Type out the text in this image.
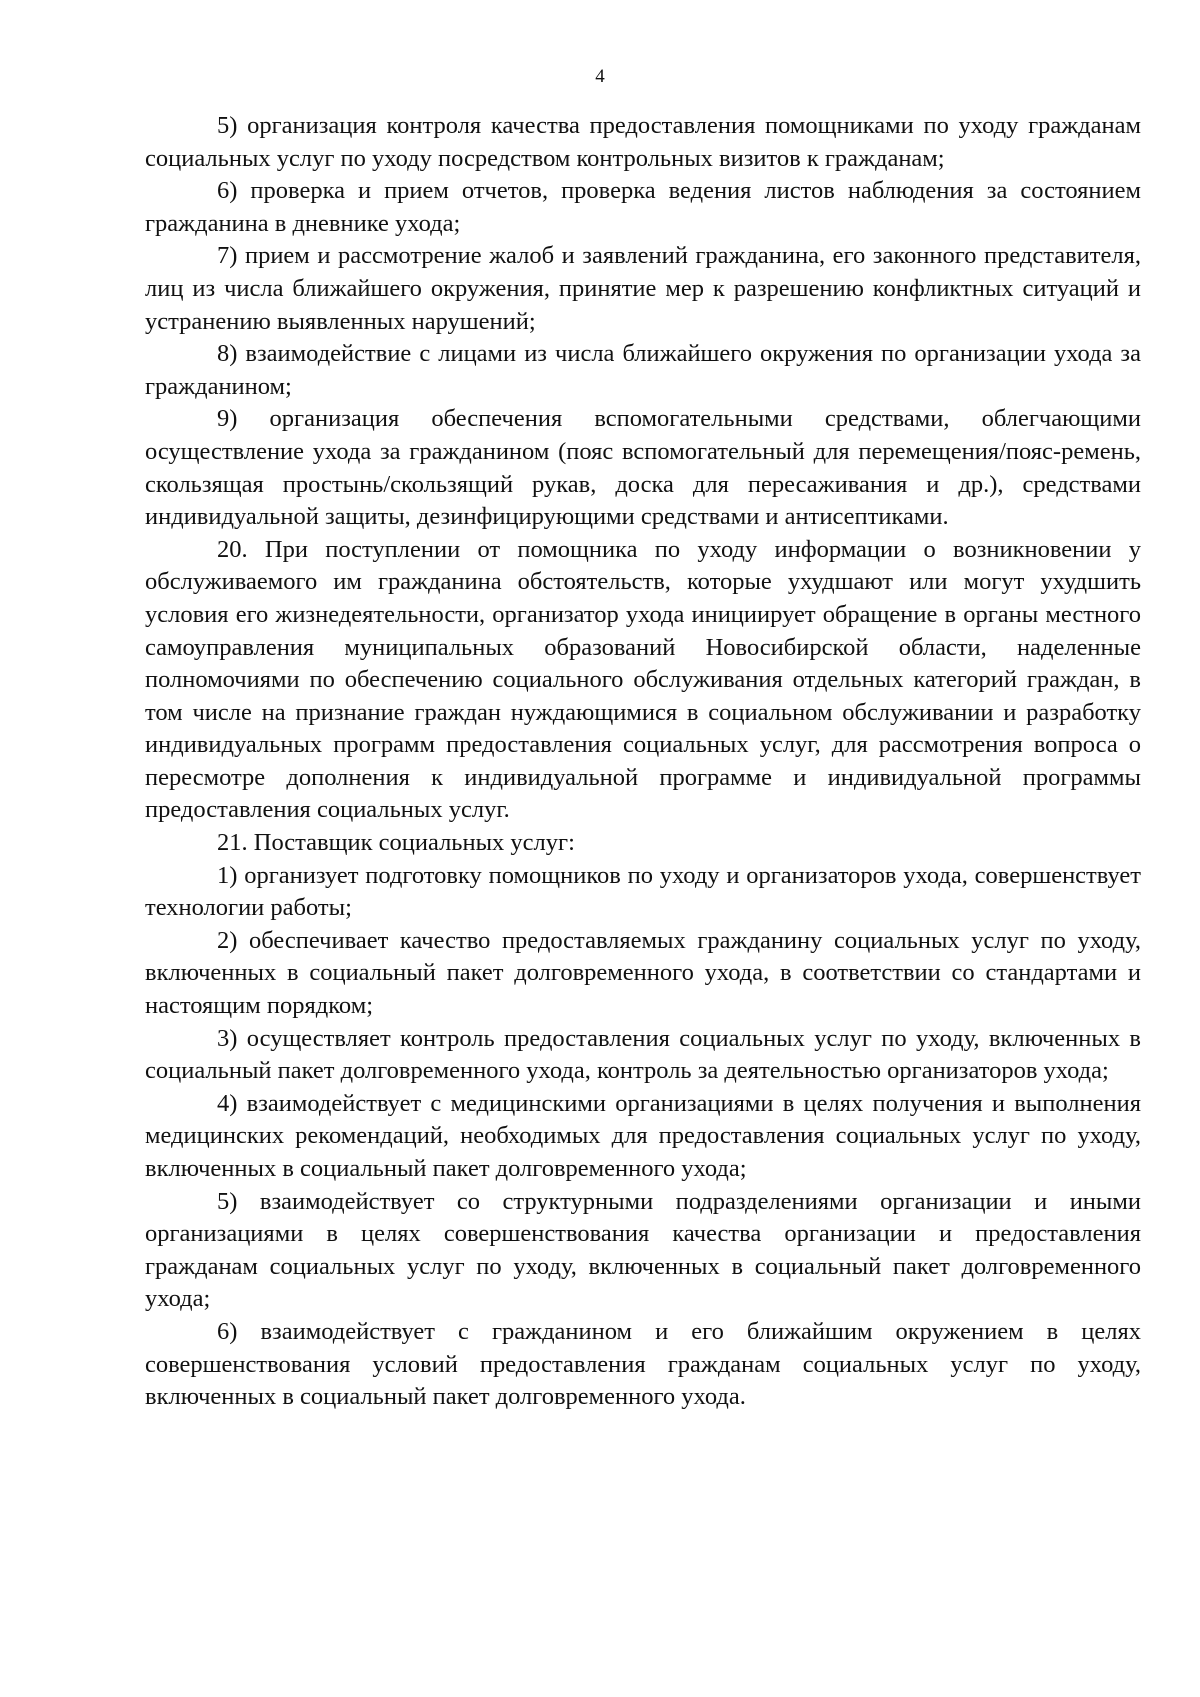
4

5) организация контроля качества предоставления помощниками по уходу гражданам социальных услуг по уходу посредством контрольных визитов к гражданам;

6) проверка и прием отчетов, проверка ведения листов наблюдения за состоянием гражданина в дневнике ухода;

7) прием и рассмотрение жалоб и заявлений гражданина, его законного представителя, лиц из числа ближайшего окружения, принятие мер к разрешению конфликтных ситуаций и устранению выявленных нарушений;

8) взаимодействие с лицами из числа ближайшего окружения по организации ухода за гражданином;

9) организация обеспечения вспомогательными средствами, облегчающими осуществление ухода за гражданином (пояс вспомогательный для перемещения/пояс-ремень, скользящая простынь/скользящий рукав, доска для пересаживания и др.), средствами индивидуальной защиты, дезинфицирующими средствами и антисептиками.

20. При поступлении от помощника по уходу информации о возникновении у обслуживаемого им гражданина обстоятельств, которые ухудшают или могут ухудшить условия его жизнедеятельности, организатор ухода инициирует обращение в органы местного самоуправления муниципальных образований Новосибирской области, наделенные полномочиями по обеспечению социального обслуживания отдельных категорий граждан, в том числе на признание граждан нуждающимися в социальном обслуживании и разработку индивидуальных программ предоставления социальных услуг, для рассмотрения вопроса о пересмотре дополнения к индивидуальной программе и индивидуальной программы предоставления социальных услуг.

21. Поставщик социальных услуг:

1) организует подготовку помощников по уходу и организаторов ухода, совершенствует технологии работы;

2) обеспечивает качество предоставляемых гражданину социальных услуг по уходу, включенных в социальный пакет долговременного ухода, в соответствии со стандартами и настоящим порядком;

3) осуществляет контроль предоставления социальных услуг по уходу, включенных в социальный пакет долговременного ухода, контроль за деятельностью организаторов ухода;

4) взаимодействует с медицинскими организациями в целях получения и выполнения медицинских рекомендаций, необходимых для предоставления социальных услуг по уходу, включенных в социальный пакет долговременного ухода;

5) взаимодействует со структурными подразделениями организации и иными организациями в целях совершенствования качества организации и предоставления гражданам социальных услуг по уходу, включенных в социальный пакет долговременного ухода;

6) взаимодействует с гражданином и его ближайшим окружением в целях совершенствования условий предоставления гражданам социальных услуг по уходу, включенных в социальный пакет долговременного ухода.
